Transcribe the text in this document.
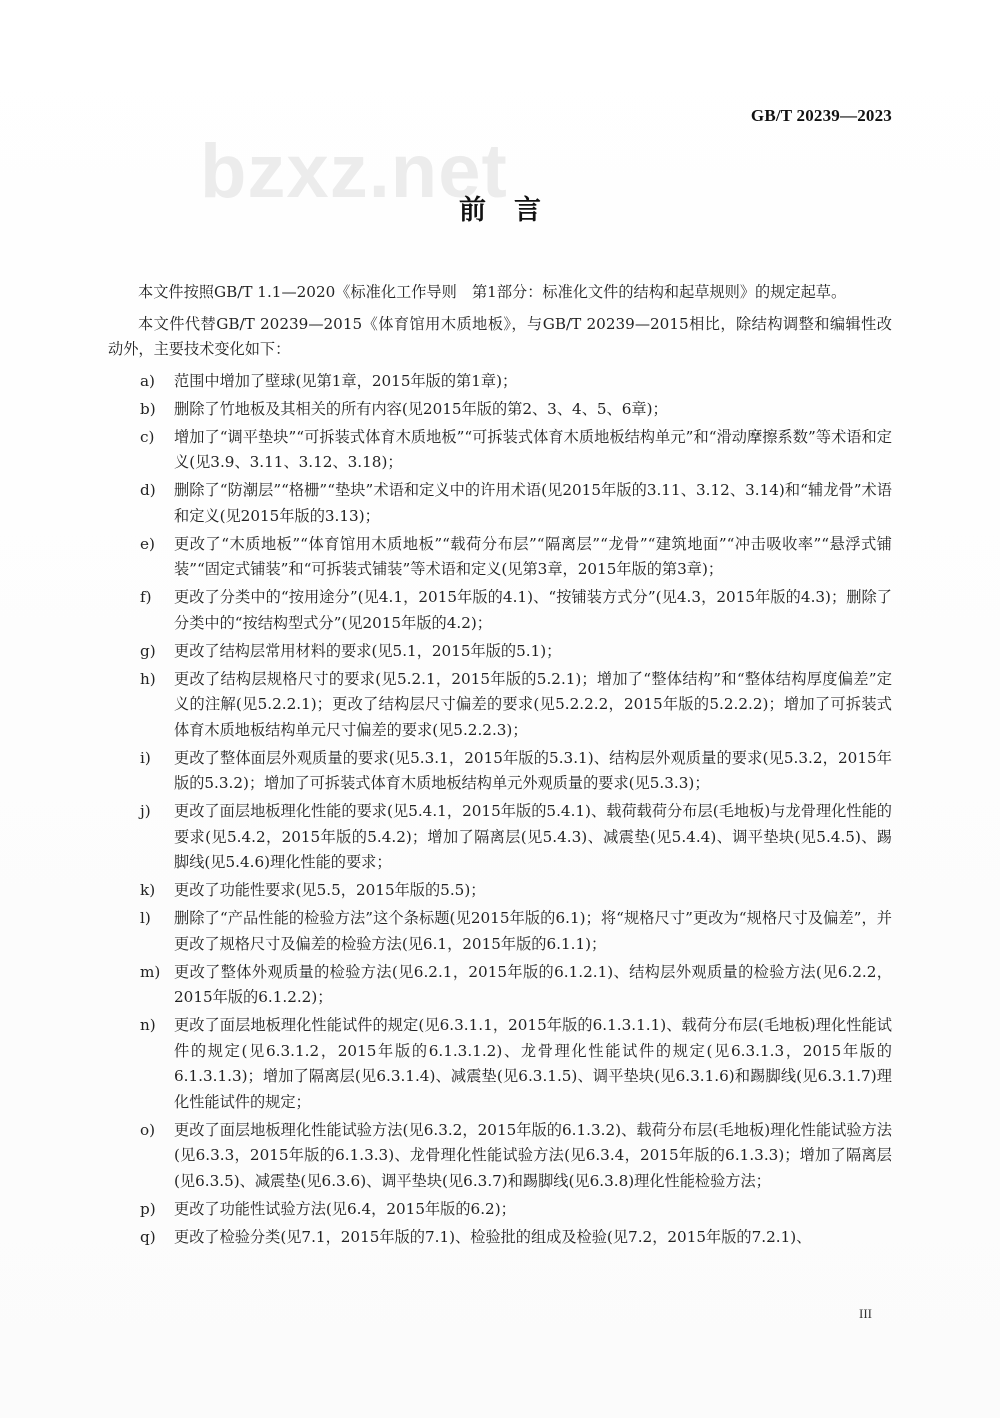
bzxz.net
GB/T 20239—2023
前言
本文件按照GB/T 1.1—2020《标准化工作导则　第1部分：标准化文件的结构和起草规则》的规定起草。
本文件代替GB/T 20239—2015《体育馆用木质地板》，与GB/T 20239—2015相比，除结构调整和编辑性改动外，主要技术变化如下：
a)	范围中增加了壁球(见第1章，2015年版的第1章)；
b)	删除了竹地板及其相关的所有内容(见2015年版的第2、3、4、5、6章)；
c)	增加了“调平垫块”“可拆装式体育木质地板”“可拆装式体育木质地板结构单元”和“滑动摩擦系数”等术语和定义(见3.9、3.11、3.12、3.18)；
d)	删除了“防潮层”“格栅”“垫块”术语和定义中的许用术语(见2015年版的3.11、3.12、3.14)和“辅龙骨”术语和定义(见2015年版的3.13)；
e)	更改了“木质地板”“体育馆用木质地板”“载荷分布层”“隔离层”“龙骨”“建筑地面”“冲击吸收率”“悬浮式铺装”“固定式铺装”和“可拆装式铺装”等术语和定义(见第3章，2015年版的第3章)；
f)	更改了分类中的“按用途分”(见4.1，2015年版的4.1)、“按铺装方式分”(见4.3，2015年版的4.3)；删除了分类中的“按结构型式分”(见2015年版的4.2)；
g)	更改了结构层常用材料的要求(见5.1，2015年版的5.1)；
h)	更改了结构层规格尺寸的要求(见5.2.1，2015年版的5.2.1)；增加了“整体结构”和“整体结构厚度偏差”定义的注解(见5.2.2.1)；更改了结构层尺寸偏差的要求(见5.2.2.2，2015年版的5.2.2.2)；增加了可拆装式体育木质地板结构单元尺寸偏差的要求(见5.2.2.3)；
i)	更改了整体面层外观质量的要求(见5.3.1，2015年版的5.3.1)、结构层外观质量的要求(见5.3.2，2015年版的5.3.2)；增加了可拆装式体育木质地板结构单元外观质量的要求(见5.3.3)；
j)	更改了面层地板理化性能的要求(见5.4.1，2015年版的5.4.1)、载荷载荷分布层(毛地板)与龙骨理化性能的要求(见5.4.2，2015年版的5.4.2)；增加了隔离层(见5.4.3)、减震垫(见5.4.4)、调平垫块(见5.4.5)、踢脚线(见5.4.6)理化性能的要求；
k)	更改了功能性要求(见5.5，2015年版的5.5)；
l)	删除了“产品性能的检验方法”这个条标题(见2015年版的6.1)；将“规格尺寸”更改为“规格尺寸及偏差”，并更改了规格尺寸及偏差的检验方法(见6.1，2015年版的6.1.1)；
m) 更改了整体外观质量的检验方法(见6.2.1，2015年版的6.1.2.1)、结构层外观质量的检验方法(见6.2.2，2015年版的6.1.2.2)；
n)	更改了面层地板理化性能试件的规定(见6.3.1.1，2015年版的6.1.3.1.1)、载荷分布层(毛地板)理化性能试件的规定(见6.3.1.2，2015年版的6.1.3.1.2)、龙骨理化性能试件的规定(见6.3.1.3，2015年版的6.1.3.1.3)；增加了隔离层(见6.3.1.4)、减震垫(见6.3.1.5)、调平垫块(见6.3.1.6)和踢脚线(见6.3.1.7)理化性能试件的规定；
o)	更改了面层地板理化性能试验方法(见6.3.2，2015年版的6.1.3.2)、载荷分布层(毛地板)理化性能试验方法(见6.3.3，2015年版的6.1.3.3)、龙骨理化性能试验方法(见6.3.4，2015年版的6.1.3.3)；增加了隔离层(见6.3.5)、减震垫(见6.3.6)、调平垫块(见6.3.7)和踢脚线(见6.3.8)理化性能检验方法；
p)	更改了功能性试验方法(见6.4，2015年版的6.2)；
q)	更改了检验分类(见7.1，2015年版的7.1)、检验批的组成及检验(见7.2，2015年版的7.2.1)、
III
